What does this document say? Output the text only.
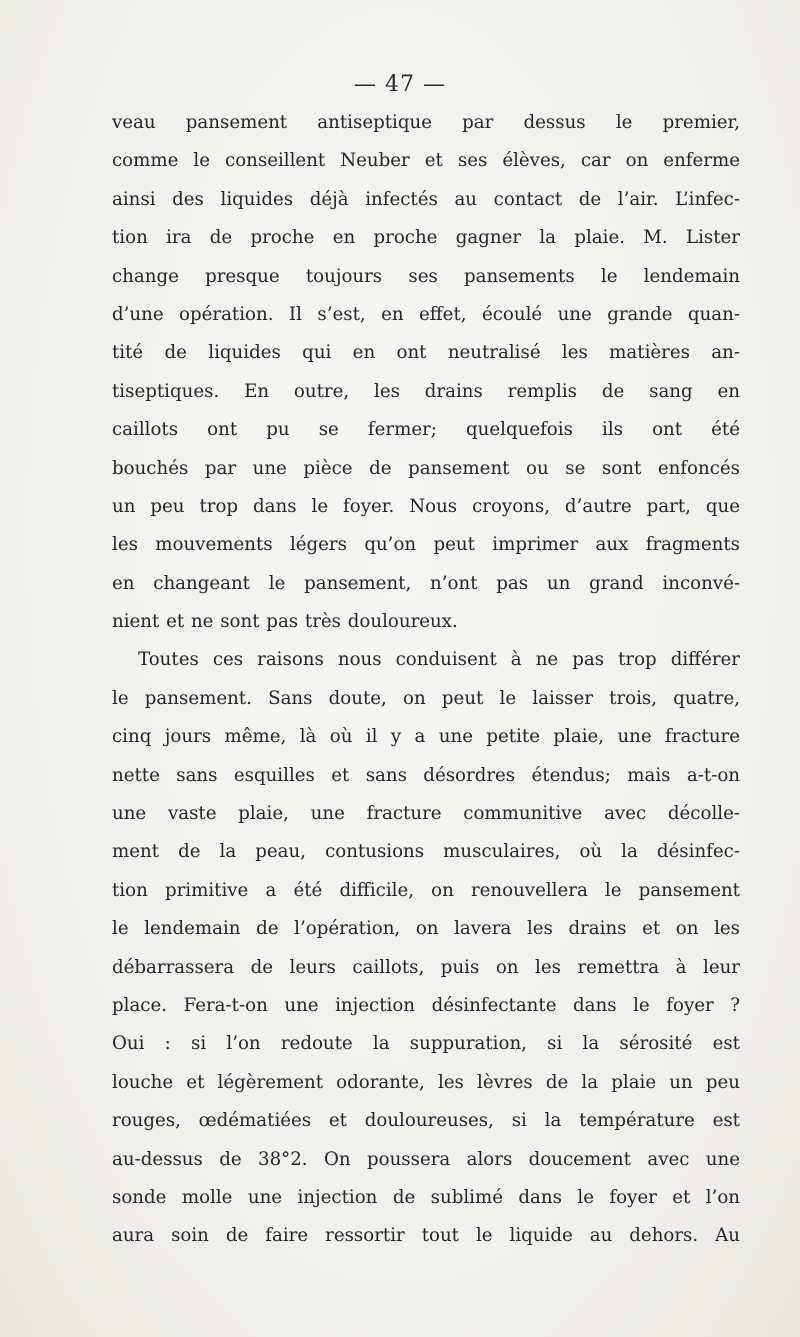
— 47 —
veau pansement antiseptique par dessus le premier,
comme le conseillent Neuber et ses élèves, car on enferme
ainsi des liquides déjà infectés au contact de l’air. L’infec-
tion ira de proche en proche gagner la plaie. M. Lister
change presque toujours ses pansements le lendemain
d’une opération. Il s’est, en effet, écoulé une grande quan-
tité de liquides qui en ont neutralisé les matières an-
tiseptiques. En outre, les drains remplis de sang en
caillots ont pu se fermer; quelquefois ils ont été
bouchés par une pièce de pansement ou se sont enfoncés
un peu trop dans le foyer. Nous croyons, d’autre part, que
les mouvements légers qu’on peut imprimer aux fragments
en changeant le pansement, n’ont pas un grand inconvé-
nient et ne sont pas très douloureux.
Toutes ces raisons nous conduisent à ne pas trop différer
le pansement. Sans doute, on peut le laisser trois, quatre,
cinq jours même, là où il y a une petite plaie, une fracture
nette sans esquilles et sans désordres étendus; mais a-t-on
une vaste plaie, une fracture communitive avec décolle-
ment de la peau, contusions musculaires, où la désinfec-
tion primitive a été difficile, on renouvellera le pansement
le lendemain de l’opération, on lavera les drains et on les
débarrassera de leurs caillots, puis on les remettra à leur
place. Fera-t-on une injection désinfectante dans le foyer ?
Oui : si l’on redoute la suppuration, si la sérosité est
louche et légèrement odorante, les lèvres de la plaie un peu
rouges, œdématiées et douloureuses, si la température est
au-dessus de 38°2. On poussera alors doucement avec une
sonde molle une injection de sublimé dans le foyer et l’on
aura soin de faire ressortir tout le liquide au dehors. Au
